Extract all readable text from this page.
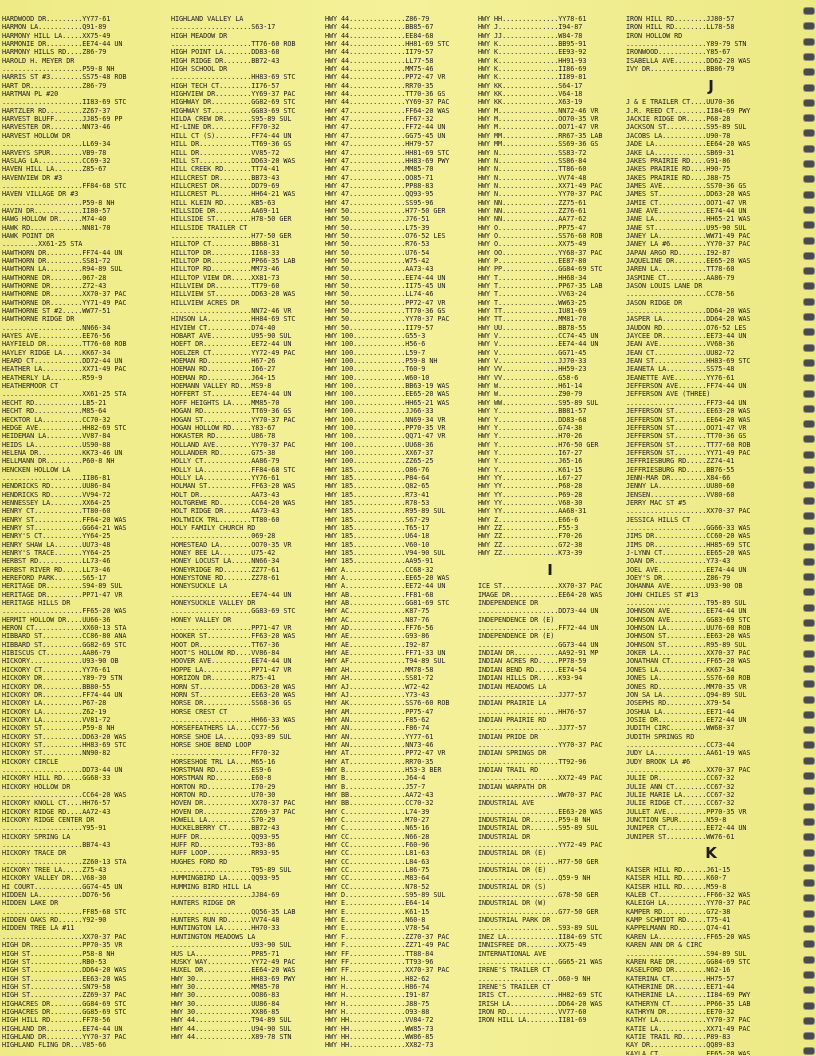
HARDWOOD DR.........YY77-61
HARMON LA...........Q91-89
HARMONY HILL LA.....XX75-49
HARMONIE DR.........EE74-44 UN
HARMONY HILLS RD....Z86-79
HAROLD H. MEYER DR
....................P59-8 NH
HARRIS ST #3........SS75-48 ROB
HART DR.............Z86-79
HARTMAN PL #20
....................II83-69 STC
HARTZLER RD.........ZZ67-37
HARVEST BLUFF.......JJ85-69 PP
HARVESTER DR........NN73-46
HARVEST HOLLOW DR
....................LL69-34
HARVEYS SPUR........VB9-78
HASLAG LA...........CC69-32
HAVEN HILL LA.......Z85-67
HAVENVIEW DR #3
....................FF84-68 STC
HAVEN VILLAGE DR #3
....................P59-8 NH
HAVIN DR............II80-57
HAWG HOLLOW DR......M74-40
HAWK RD.............NN81-70
HAWK POINT DR
.........XX61-25 STA
HAWTHORN DR.........FF74-44 UN
HAWTHORN DR.........SS81-72
HAWTHORN LA.........R94-89 SUL
HAWTHORNE DR........067-28
HAWTHORNE DR........Z72-43
HAWTHORNE DR........XX70-37 PAC
HAWTHORNE DR........YY71-49 PAC
HAWTHORNE ST #2.....WW77-51
HAWTHORNE RIDGE DR
....................NN66-34
HAYES AVE...........EE76-56
HAYFIELD DR.........TT76-60 ROB
HAYLEY RIDGE LA.....KK67-34
HEARD CT............DD72-44 UN
HEATHER LA..........XX71-49 PAC
HEATHERLY LA........R59-9
HEATHERMOOR CT
....................XX61-25 STA
HECHT RD............LB5-21
HECHT RD............M85-64
HECKTOR LA..........CC70-32
HEDGE AVE...........HH82-69 STC
HEIDEMAN LA.........VV87-84
HEIDS LA............US90-88
HELENA DR...........KK73-46 UN
HELLMANN DR.........P60-8 NH
HENCKEN HOLLOW LA
....................II86-81
HENDRICKS RD........UU86-84
HENDRICKS RD........VV94-72
HENNESSEY LA........XX64-25
HENRY CT............TT80-60
HENRY ST............FF64-20 WAS
HENRY ST............GG64-21 WAS
HENRY'S CT..........YY64-25
HENRY SHAW LA.......UU73-48
HENRY'S TRACE.......YY64-25
HERBST RD...........LL73-46
HERBST RIVER RD.....LL73-46
HEREFORD PARK.......S65-17
HERITAGE DR.........S94-89 SUL
HERITAGE DR.........PP71-47 VR
HERITAGE HILLS DR
....................FF65-20 WAS
HERMIT HOLLOW DR....UU66-36
HERON CT............XX60-13 STA
HIBBARD ST..........CC86-80 ANA
HIBBARD ST..........GG82-69 STC
HIBISCUS CT.........AA86-79
HICKORY.............U93-90 OB
HICKORY CT..........YY76-61
HICKORY DR..........Y89-79 STN
HICKORY DR..........BB80-55
HICKORY DR..........FF74-44 UN
HICKORY LA..........P67-28
HICKORY LA..........Z62-19
HICKORY LA..........VV81-72
HICKORY ST..........P59-8 NH
HICKORY ST..........DD63-20 WAS
HICKORY ST..........HH83-69 STC
HICKORY ST..........NN90-82
HICKORY CIRCLE
....................DD73-44 UN
HICKORY HILL RD.....GG68-33
HICKORY HOLLOW DR
....................CC64-20 WAS
HICKORY KNOLL CT....HH76-57
HICKORY RIDGE RD....AA72-43
HICKORY RIDGE CENTER DR
....................Y95-91
HICKORY SPRING LA
....................BB74-43
HICKORY TRACE DR
....................ZZ60-13 STA
HICKORY TREE LA.....Z75-43
HICKORY VALLEY DR...V68-30
HI COURT............GG74-45 UN
HIDDEN LA...........DD76-56
HIDDEN LAKE DR
....................FF85-68 STC
HIDDEN OAKS RD......Y92-90
HIDDEN TREE LA #11
....................XX70-37 PAC
HIGH DR.............PP70-35 VR
HIGH ST.............P58-8 NH
HIGH ST.............RB0-53
HIGH ST.............DD64-20 WAS
HIGH ST.............EE63-20 WAS
HIGH ST.............SN79-58
HIGH ST.............ZZ69-37 PAC
HIGHACRES DR........GG84-69 STC
HIGHACRES DR........GG85-69 STC
HIGH HILL RD........FF78-56
HIGHLAND DR.........EE74-44 UN
HIGHLAND DR.........YY70-37 PAC
HIGHLAND FLING DR...V85-66
HIGHLAND VALLEY LA
....................S63-17
HIGH MEADOW DR
....................TT76-60 ROB
HIGH POINT LA.......DD83-68
HIGH RIDGE DR.......BB72-43
HIGH SCHOOL DR
....................HH83-69 STC
HIGH TECH CT........II76-57
HIGHVIEW DR.........YY69-37 PAC
HIGHWAY DR..........GG82-69 STC
HIGHWAY ST..........GG83-69 STC
HILDA CREW DR.......S95-89 SUL
HI-LINE DR..........FF70-32
HILL CT (S).........FF74-44 UN
HILL DR.............TT69-36 GS
HILL DR.............VV85-72
HILL ST.............DD63-20 WAS
HILL CREEK RD.......TT74-41
HILLCREST DR........BB73-43
HILLCREST DR........DD79-69
HILLCREST PL........HH64-21 WAS
HILL KLEIN RD.......KB5-63
HILLSIDE DR.........AA69-11
HILLSIDE ST.........H78-50 GER
HILLSIDE TRAILER CT
....................H77-50 GER
HILLTOP CT..........BB68-31
HILLTOP DR..........II68-33
HILLTOP DR..........PP66-35 LAB
HILLTOP RD..........MM73-46
HILLTOP VIEW DR.....XX81-73
HILLVIEW DR.........TT79-60
HILLVIEW ST.........DD63-20 WAS
HILLVIEW ACRES DR
....................NN72-46 VR
HINSON LA...........HH84-69 STC
HIVIEW CT...........D74-40
HOBART AVE..........U95-90 SUL
HOEFT DR............EE72-44 UN
HOELZER CT..........YY72-49 PAC
HOEMAN RD...........H67-26
HOEMAN RD...........I66-27
HOEMAN RD...........J64-15
HOEMANN VALLEY RD...MS9-8
HOFFERT ST..........EE74-44 UN
HOFF HEIGHTS LA.....MM85-70
HOGAN RD............TT69-36 GS
HOGAN ST............YY70-37 PAC
HOGAN HOLLOW RD.....Y83-67
HOKASTER RD.........U86-78
HOLLAND AVE.........YY70-37 PAC
HOLLANDER RD........G75-38
HOLLY CT............AA86-79
HOLLY LA............FF84-68 STC
HOLLY LA............YY76-61
HOLMAN ST...........FF63-20 WAS
HOLT DR.............AA73-43
HOLTGREWE RD........CC64-20 WAS
HOLT RIDGE DR.......AA73-43
HOLTWICK TRL........TT80-60
HOLY FAMILY CHURCH RD
....................069-28
HOMESTEAD LA........OO70-35 VR
HONEY BEE LA........U75-42
HONEY LOCUST LA.....NN66-34
HONEYRIDGE RD.......ZZ77-61
HONEYSTONE RD.......ZZ78-61
HONEYSUCKLE LA
....................EE74-44 UN
HONEYSUCKLE VALLEY DR
....................GG83-69 STC
HONEY VALLEY DR
....................PP71-47 VR
HOOKER ST...........FF63-20 WAS
HOOT DR.............TT67-36
HOOT'S HOLLOW RD....VV86-84
HOOVER AVE..........EE74-44 UN
HOPPE LA............PP71-47 VR
HORIZON DR..........R75-41
HORN ST.............DD63-20 WAS
HORN ST.............EE63-20 WAS
HORSE DR............SS68-36 GS
HORSE CREST CT
....................HH66-33 WAS
HORSEFEATHERS LA....CC77-56
HORSE SHOE LA.......Q93-89 SUL
HORSE SHOE BEND LOOP
....................FF70-32
HORSESHOE TRL LA....M65-16
HORSTMAN RD.........ES9-6
HORSTMAN RD.........E60-8
HORTON RD...........I70-29
HORTON RD...........U70-30
HOVEN DR............XX70-37 PAC
HOVEN DR............ZZ69-37 PAC
HOWELL LA...........S70-29
HUCKELBERRY CT......BB72-43
HUFF DR.............QQ93-95
HUFF RD.............T93-86
HUFF LOOP...........RR93-95
HUGHES FORD RD
....................T95-89 SUL
HUMMINGBIRD LA......QQ93-95
HUMMING BIRD HILL LA
....................JJ84-69
HUNTERS RIDGE DR
....................QQ56-35 LAB
HUNTERS RUN RD......VV74-48
HUNTINGTON LA.......HH70-33
HUNTINGTON MEADOWS LA
....................U93-90 SUL
HUS LA..............PP85-71
HUSKY WAY...........YY72-49 PAC
HUXEL DR............EE64-20 WAS
HWY 30..............HH83-69 PWY
HWY 30..............MM85-70
HWY 30..............OO86-83
HWY 30..............UU86-84
HWY 30..............XX86-85
HWY 44..............T94-89 SUL
HWY 44..............U94-90 SUL
HWY 44..............X89-78 STN
HWY 44..............Z86-79
HWY 44..............BB85-67
HWY 44..............EE84-68
HWY 44..............HH81-69 STC
HWY 44..............II79-57
HWY 44..............LL77-58
HWY 44..............MM75-46
HWY 44..............PP72-47 VR
HWY 44..............RR70-35
HWY 44..............TT70-36 GS
HWY 44..............YY69-37 PAC
HWY 47..............FF64-20 WAS
HWY 47..............FF67-32
HWY 47..............FF72-44 UN
HWY 47..............GG75-45 UN
HWY 47..............HH79-57
HWY 47..............HH81-69 STC
HWY 47..............HH83-69 PWY
HWY 47..............MM85-70
HWY 47..............OO85-71
HWY 47..............PP88-83
HWY 47..............QQ93-95
HWY 47..............SS95-96
HWY 50..............H77-50 GER
HWY 50..............J76-51
HWY 50..............L75-39
HWY 50..............O76-52 LES
HWY 50..............R76-53
HWY 50..............U76-54
HWY 50..............W75-42
HWY 50..............AA73-43
HWY 50..............EE74-44 UN
HWY 50..............II75-45 UN
HWY 50..............LL74-46
HWY 50..............PP72-47 VR
HWY 50..............TT70-36 GS
HWY 50..............YY70-37 PAC
HWY 50..............II79-57
HWY 100.............G55-3
HWY 100.............H56-6
HWY 100.............L59-7
HWY 100.............P59-8 NH
HWY 100.............T60-9
HWY 100.............W60-10
HWY 100.............BB63-19 WAS
HWY 100.............EE65-20 WAS
HWY 100.............HH65-21 WAS
HWY 100.............JJ66-33
HWY 100.............NN69-34 VR
HWY 100.............PP70-35 VR
HWY 100.............QQ71-47 VR
HWY 100.............UU68-36
HWY 100.............XX67-37
HWY 100.............ZZ65-25
HWY 185.............O86-76
HWY 185.............P84-64
HWY 185.............Q82-65
HWY 185.............R73-41
HWY 185.............R78-53
HWY 185.............R95-89 SUL
HWY 185.............S67-29
HWY 185.............T65-17
HWY 185.............U64-18
HWY 185.............V60-10
HWY 185.............V94-90 SUL
HWY 185.............AA95-91
HWY A...............CC68-32
HWY A...............EE65-20 WAS
HWY A...............EE72-44 UN
HWY AB..............FF81-68
HWY AB..............GG81-69 STC
HWY AC..............K87-75
HWY AC..............N87-76
HWY AD..............FF76-56
HWY AE..............G93-86
HWY AE..............I92-87
HWY AE..............FF71-33 UN
HWY AF..............T94-89 SUL
HWY AH..............MM78-58
HWY AH..............SS81-72
HWY AJ..............W72-42
HWY AJ..............Y73-43
HWY AK..............SS76-60 ROB
HWY AM..............PP75-47
HWY AN..............F85-62
HWY AN..............F86-74
HWY AN..............YY77-61
HWY AN..............NN73-46
HWY AT..............PP72-47 VR
HWY AT..............RR70-35
HWY B...............H53-3 BER
HWY B...............J64-4
HWY B...............J57-7
HWY BB..............AA72-43
HWY BB..............CC70-32
HWY C...............L74-39
HWY C...............M70-27
HWY C...............N65-16
HWY CC..............N66-28
HWY CC..............F60-96
HWY CC..............L81-63
HWY CC..............L84-63
HWY CC..............L86-75
HWY CC..............M83-64
HWY CC..............N78-52
HWY D...............S95-89 SUL
HWY E...............E64-14
HWY E...............K61-15
HWY E...............N60-8
HWY E...............V78-54
HWY F...............ZZ70-37 PAC
HWY F...............ZZ71-49 PAC
HWY FF..............TT88-84
HWY FF..............TT93-96
HWY FF..............XX70-37 PAC
HWY H...............H82-62
HWY H...............H86-74
HWY H...............I91-87
HWY H...............J88-75
HWY H...............O93-88
HWY HH..............VV84-72
HWY HH..............WW85-73
HWY HH..............WW86-85
HWY HH..............XX82-73
HWY HH..............YY78-61
HWY J...............I94-87
HWY JJ..............W84-78
HWY K...............BB95-91
HWY K...............EE93-92
HWY K...............HH91-93
HWY K...............II86-69
HWY K...............II89-81
HWY KK..............S64-17
HWY KK..............V64-18
HWY KK..............X63-19
HWY M...............NN72-46 VR
HWY M...............OO70-35 VR
HWY M...............OO71-47 VR
HWY MM..............RR67-35 LAB
HWY MM..............SS69-36 GS
HWY N...............SS83-72
HWY N...............SS86-84
HWY N...............TT86-60
HWY N...............VV74-48
HWY N...............XX71-49 PAC
HWY N...............YY70-37 PAC
HWY NN..............ZZ75-61
HWY NN..............ZZ76-61
HWY NN..............AA77-62
HWY O...............PP75-47
HWY O...............SS76-60 ROB
HWY O...............XX75-49
HWY OO..............YY68-37 PAC
HWY P...............EE87-80
HWY PP..............GG84-69 STC
HWY T...............HH68-34
HWY T...............PP67-35 LAB
HWY T...............VV63-24
HWY T...............WW63-25
HWY TT..............IU81-69
HWY TT..............MM81-70
HWY UU..............BB78-55
HWY V...............CC74-45 UN
HWY V...............EE74-44 UN
HWY V...............GG71-45
HWY V...............JJ70-33
HWY VV..............HH59-23
HWY VV..............G58-6
HWY W...............H61-14
HWY W...............Z90-79
HWY WW..............S95-89 SUL
HWY Y...............BB81-57
HWY Y...............DD83-68
HWY Y...............G74-38
HWY Y...............H70-26
HWY Y...............H76-50 GER
HWY Y...............I67-27
HWY Y...............J65-16
HWY Y...............K61-15
HWY YY..............L67-27
HWY YY..............P68-28
HWY YY..............P69-28
HWY YY..............V68-30
HWY YY..............AA68-31
HWY Z...............E66-6
HWY ZZ..............F55-3
HWY ZZ..............F70-26
HWY ZZ..............G72-38
HWY ZZ..............K73-39
I
ICE ST..............XX70-37 PAC
IMAGE DR............EE64-20 WAS
INDEPENDENCE DR
....................DD73-44 UN
INDEPENDENCE DR (E)
....................FF72-44 UN
INDEPENDENCE DR (E)
....................GG73-44 UN
INDIAN DR...........AA92-91 MP
INDIAN ACRES RD.....PP78-59
INDIAN BEND RD......EE74-54
INDIAN HILLS DR.....K93-94
INDIAN MEADOWS LA
....................JJ77-57
INDIAN PRAIRIE LA
....................HH76-57
INDIAN PRAIRIE RD
....................JJ77-57
INDIAN PRIDE DR
....................YY70-37 PAC
INDIAN SPRINGS DR
....................TT92-96
INDIAN TRAIL RD
....................XX72-49 PAC
INDIAN WARPATH DR
....................WW70-37 PAC
INDUSTRIAL AVE
....................EE63-20 WAS
INDUSTRIAL DR.......P59-8 NH
INDUSTRIAL DR.......S95-89 SUL
INDUSTRIAL DR
....................YY72-49 PAC
INDUSTRIAL DR (E)
....................H77-50 GER
INDUSTRIAL DR (E)
....................Q59-9 NH
INDUSTRIAL DR (S)
....................G78-50 GER
INDUSTRIAL DR (W)
....................G77-50 GER
INDUSTRIAL PARK DR
....................S93-89 SUL
INEZ LA.............II84-69 STC
INNISFREE DR........XX75-49
INTERNATIONAL AVE
....................GG65-21 WAS
IRENE'S TRAILER CT
....................O60-9 NH
IRENE'S TRAILER CT
IRIS CT.............HH82-69 STC
IRISH LA............DD64-20 WAS
IRON RD.............VV77-60
IRON HILL LA........II81-69
IRON HILL RD........JJ80-57
IRON HILL RD........LL78-58
IRON HOLLOW RD
....................Y89-79 STN
IRONWOOD............Y85-67
ISABELLA AVE........DD62-20 WAS
IVY DR..............BB86-79
J
J & E TRAILER CT....UU70-36
J.R. REED CT........II84-69 PWY
JACKIE RIDGE DR.....P68-28
JACKSON ST..........S95-89 SUL
JACOBS LA...........U90-78
JADE LA.............EE64-20 WAS
JAKE LA.............SB69-31
JAKES PRAIRIE RD....G91-86
JAKES PRAIRIE RD....H90-75
JAKES PRAIRIE RD....J88-75
JAMES AVE...........SS70-36 GS
JAMES ST............DD63-20 WAS
JAMIE CT............OO71-47 VR
JANE AVE............EE74-44 UN
JANE LA.............HH65-21 WAS
JANE ST.............U95-90 SUL
JANEY LA............WW71-49 PAC
JANEY LA #6.........YY70-37 PAC
JAPAN ARGO RD.......I92-87
JAQUELINE DR........EE65-20 WAS
JAREN LA............TT78-60
JASMINE CT..........AA86-79
JASON LOUIS LANE DR
....................CC78-56
JASON RIDGE DR
....................DD64-20 WAS
JASPER LA...........DD64-20 WAS
JAUDON RD...........O76-52 LES
JAYCEE DR...........EE73-44 UN
JEAN AVE............VV68-36
JEAN CT.............UU82-72
JEAN ST.............HH83-69 STC
JEANETA LA..........SS75-48
JEANETTE AVE........YY76-61
JEFFERSON AVE.......FF74-44 UN
JEFFERSON AVE (THREE)
....................FF73-44 UN
JEFFERSON ST........EE63-20 WAS
JEFFERSON ST........EE64-20 WAS
JEFFERSON ST........OO71-47 VR
JEFFERSON ST........TT70-36 GS
JEFFERSON ST........TT77-60 ROB
JEFFERSON ST........YY71-49 PAC
JEFFRIESBURG RD.....ZZ74-41
JEFFRIESBURG RD.....BB76-55
JENN-MAR DR.........X84-66
JENNY LA............UU80-60
JENSEN..............VV80-60
JERRY MAC ST #5
....................XX70-37 PAC
JESSICA HILLS CT
....................GG66-33 WAS
JIMS DR.............CC60-20 WAS
JIMS DR.............HH85-69 STC
J-LYNN CT...........EE65-20 WAS
JOAN DR.............Y73-43
JOEL AVE............EE74-44 UN
JOEY'S DR...........Z86-79
JOHANNA AVE.........U93-90 OB
JOHN CHILES ST #13
....................T95-89 SUL
JOHNSON AVE.........EE74-44 UN
JOHNSON AVE.........GG83-69 STC
JOHNSON LA..........UU76-60 ROB
JOHNSON ST..........EE63-20 WAS
JOHNSON ST..........R95-89 SUL
JOKER LA............XX70-37 PAC
JONATHAN CT.........FF65-20 WAS
JONES LA............KK67-34
JONES LA............SS76-60 ROB
JONES RD............MM70-35 VR
JON SA LA...........Q94-89 SUL
JOSEPHS RD..........X79-54
JOSHUA LA...........EE71-44
JOSIE DR............EE72-44 UN
JUDITH CIRC.........WW68-37
JUDITH SPRINGS RD
....................CC73-44
JUDY LA.............AA61-19 WAS
JUDY BROOK LA #6
....................XX70-37 PAC
JULIE DR............CC67-32
JULIE ANN CT........CC67-32
JULIE MARIE LA......CC67-32
JULIE RIDGE CT......CC67-32
JULLET AVE..........PP70-35 VR
JUNCTION SPUR.......N59-8
JUNIPER CT..........EE72-44 UN
JUNIPER ST..........WW76-61
K
KAISER HILL RD......J61-15
KAISER HILL RD......K60-7
KAISER HILL RD......M59-8
KALEB CT............FF66-32 WAS
KALEIGH LA..........YY70-37 PAC
KAMPER RD...........G72-38
KAMP SCHMIDT RD.....T75-41
KAPPELMANN RD.......Q74-41
KAREN LA............FF65-20 WAS
KAREN ANN DR & CIRC
....................S94-89 SUL
KAREN RAE DR........GG84-69 STC
KASELFORD DR........N62-16
KATERINA CT.........HH75-57
KATHERINE DR........EE71-44
KATHERINE LA........II84-69 PWY
KATHERYN CT.........PP66-35 LAB
KATHRYN DR..........EE70-32
KATHY LA............YY70-37 PAC
KATIE LA............XX71-49 PAC
KATIE TRAIL RD......P89-83
KAY DR..............QQ89-83
KAYLA CT............EE65-20 WAS
